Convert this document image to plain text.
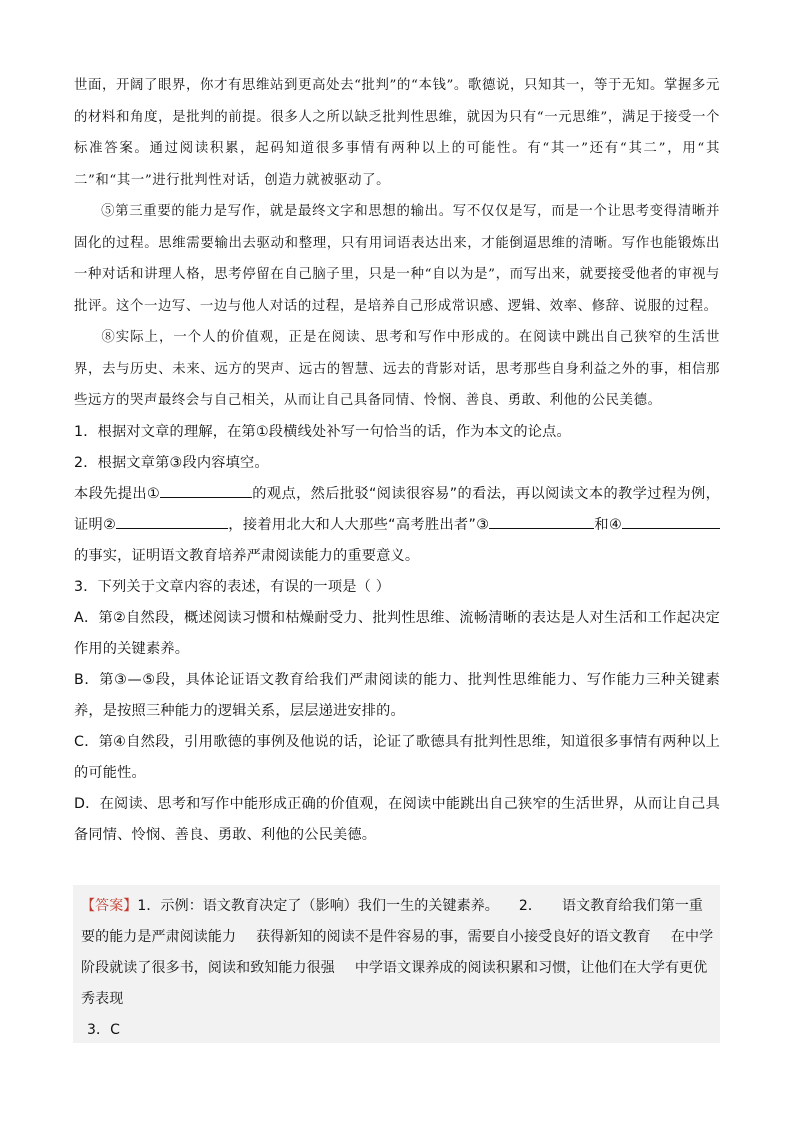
世面，开阔了眼界，你才有思维站到更高处去“批判”的“本钱”。歌德说，只知其一，等于无知。掌握多元的材料和角度，是批判的前提。很多人之所以缺乏批判性思维，就因为只有“一元思维”，满足于接受一个标准答案。通过阅读积累，起码知道很多事情有两种以上的可能性。有“其一”还有“其二”，用“其二”和“其一”进行批判性对话，创造力就被驱动了。

⑤第三重要的能力是写作，就是最终文字和思想的输出。写不仅仅是写，而是一个让思考变得清晰并固化的过程。思维需要输出去驱动和整理，只有用词语表达出来，才能倒逼思维的清晰。写作也能锻炼出一种对话和讲理人格，思考停留在自己脑子里，只是一种“自以为是”，而写出来，就要接受他者的审视与批评。这个一边写、一边与他人对话的过程，是培养自己形成常识感、逻辑、效率、修辞、说服的过程。

⑧实际上，一个人的价值观，正是在阅读、思考和写作中形成的。在阅读中跳出自己狭窄的生活世界，去与历史、未来、远方的哭声、远古的智慧、远去的背影对话，思考那些自身利益之外的事，相信那些远方的哭声最终会与自己相关，从而让自己具备同情、怜悯、善良、勇敢、利他的公民美德。

1．根据对文章的理解，在第①段横线处补写一句恰当的话，作为本文的论点。

2．根据文章第③段内容填空。

本段先提出①	的观点，然后批驳“阅读很容易”的看法，再以阅读文本的教学过程为例，证明②	，接着用北大和人大那些“高考胜出者”③	和④的事实，证明语文教育培养严肃阅读能力的重要意义。

3．下列关于文章内容的表述，有误的一项是（ ）

A．第②自然段，概述阅读习惯和枯燥耐受力、批判性思维、流畅清晰的表达是人对生活和工作起决定作用的关键素养。

B．第③—⑤段，具体论证语文教育给我们严肃阅读的能力、批判性思维能力、写作能力三种关键素养，是按照三种能力的逻辑关系，层层递进安排的。

C．第④自然段，引用歌德的事例及他说的话，论证了歌德具有批判性思维，知道很多事情有两种以上的可能性。

D．在阅读、思考和写作中能形成正确的价值观，在阅读中能跳出自己狭窄的生活世界，从而让自己具备同情、怜悯、善良、勇敢、利他的公民美德。

【答案】1．示例：语文教育决定了（影响）我们一生的关键素养。 2． 语文教育给我们第一重要的能力是严肃阅读能力 获得新知的阅读不是件容易的事，需要自小接受良好的语文教育 在中学阶段就读了很多书，阅读和致知能力很强 中学语文课养成的阅读积累和习惯，让他们在大学有更优秀表现

3．C
